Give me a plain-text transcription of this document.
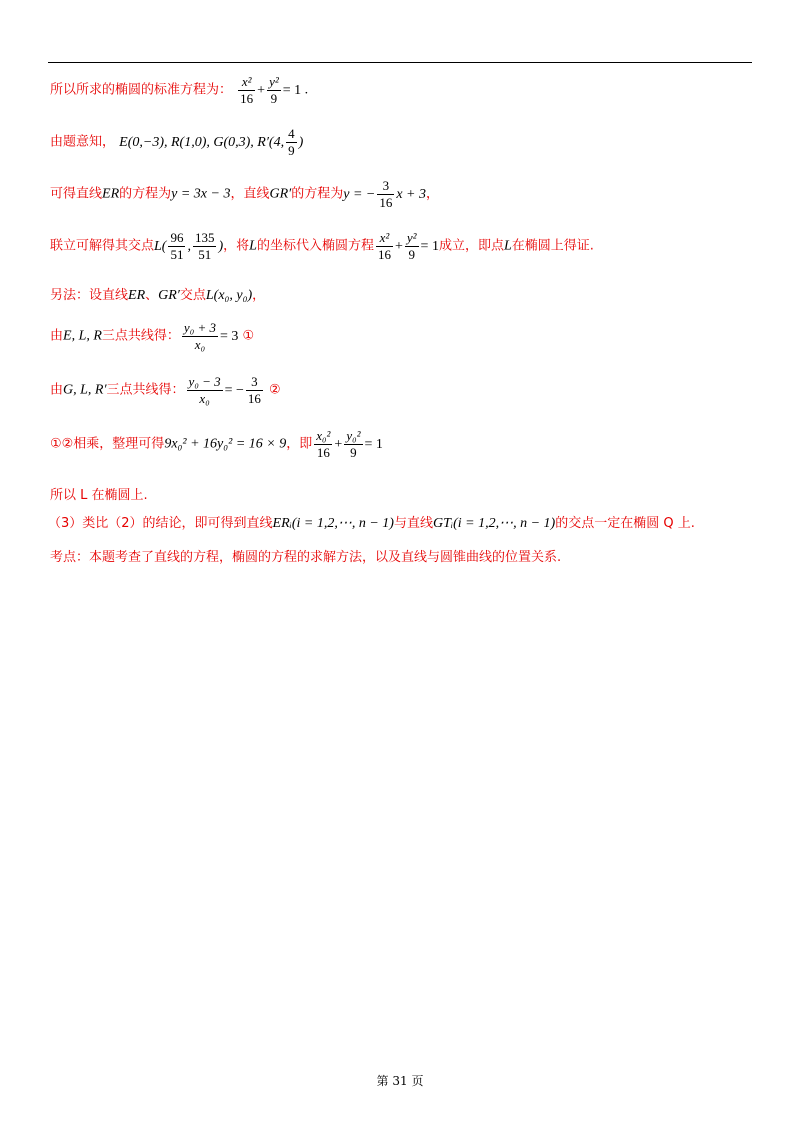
所以所求的椭圆的标准方程为： $\frac{\text{x²}}{16} + \frac{\text{y²}}{9} = 1$ .
由题意知， E(0,−3), R(1,0), G(0,3), R′(4, $\frac{4}{9}$ )
可得直线ER的方程为y = 3x − 3，直线GR′的方程为y = − $\frac{3}{16}$ x + 3，
联立可解得其交点$L( \frac{96}{51}$ , $\frac{135}{51}$ )，将L的坐标代入椭圆方程 $\frac{\text{x²}}{16} + \frac{\text{y²}}{9} = 1$成立，即点L在椭圆上得证.
另法：设直线ER、GR′交点L(x₀, y₀)，
由E, L, R三点共线得： $\frac{\text{y₀ + 3}}{\text{x₀}} = 3$ ①
由G, L, R′三点共线得： $\frac{\text{y₀ − 3}}{\text{x₀}}$ = − $\frac{3}{16}$ ②
①②相乘，整理可得9x₀² + 16y₀² = 16 × 9，即 $\frac{\text{x₀²}}{16} + \frac{\text{y₀²}}{9} = 1$
所以 L 在椭圆上.
（3）类比（2）的结论，即可得到直线ERᵢ(i = 1,2,⋯, n − 1)与直线GTᵢ(i = 1,2,⋯, n − 1)的交点一定在椭圆 Q 上.
考点：本题考查了直线的方程，椭圆的方程的求解方法，以及直线与圆锥曲线的位置关系.
第 31 页
